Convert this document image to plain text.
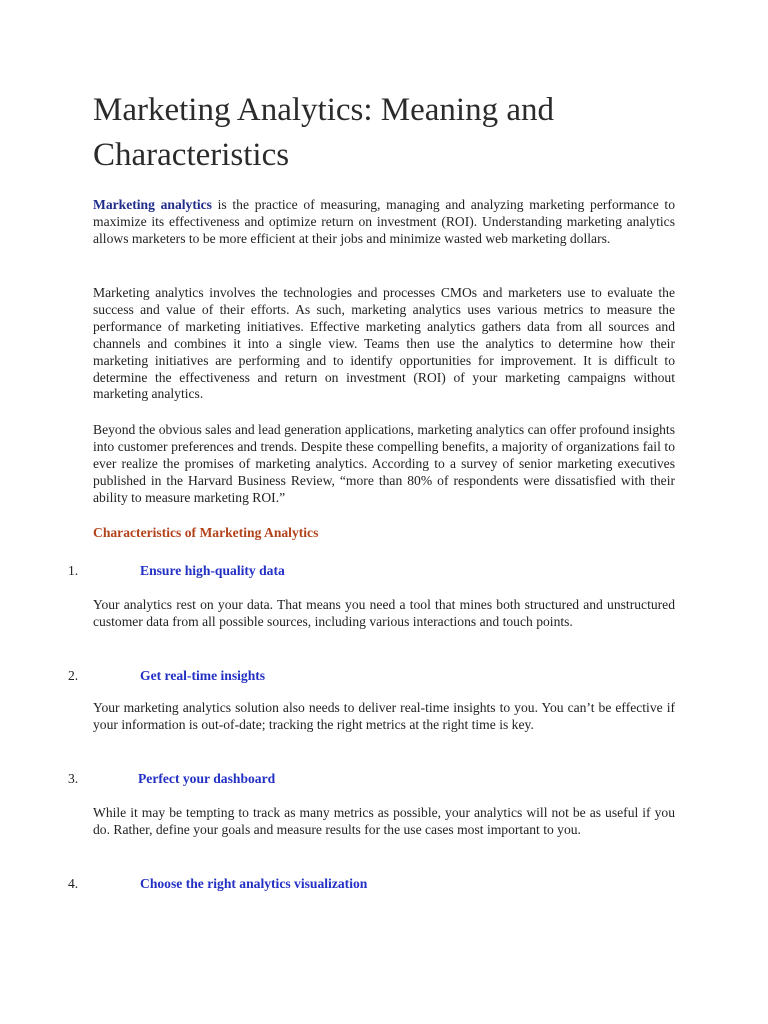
Marketing Analytics: Meaning and Characteristics

Marketing analytics is the practice of measuring, managing and analyzing marketing performance to maximize its effectiveness and optimize return on investment (ROI). Understanding marketing analytics allows marketers to be more efficient at their jobs and minimize wasted web marketing dollars.

Marketing analytics involves the technologies and processes CMOs and marketers use to evaluate the success and value of their efforts. As such, marketing analytics uses various metrics to measure the performance of marketing initiatives. Effective marketing analytics gathers data from all sources and channels and combines it into a single view. Teams then use the analytics to determine how their marketing initiatives are performing and to identify opportunities for improvement. It is difficult to determine the effectiveness and return on investment (ROI) of your marketing campaigns without marketing analytics.

Beyond the obvious sales and lead generation applications, marketing analytics can offer profound insights into customer preferences and trends. Despite these compelling benefits, a majority of organizations fail to ever realize the promises of marketing analytics. According to a survey of senior marketing executives published in the Harvard Business Review, “more than 80% of respondents were dissatisfied with their ability to measure marketing ROI.”

Characteristics of Marketing Analytics
1.	Ensure high-quality data

Your analytics rest on your data. That means you need a tool that mines both structured and unstructured customer data from all possible sources, including various interactions and touch points.

2.	Get real-time insights

Your marketing analytics solution also needs to deliver real-time insights to you. You can’t be effective if your information is out-of-date; tracking the right metrics at the right time is key.

3.	Perfect your dashboard

While it may be tempting to track as many metrics as possible, your analytics will not be as useful if you do. Rather, define your goals and measure results for the use cases most important to you.

4.	Choose the right analytics visualization
